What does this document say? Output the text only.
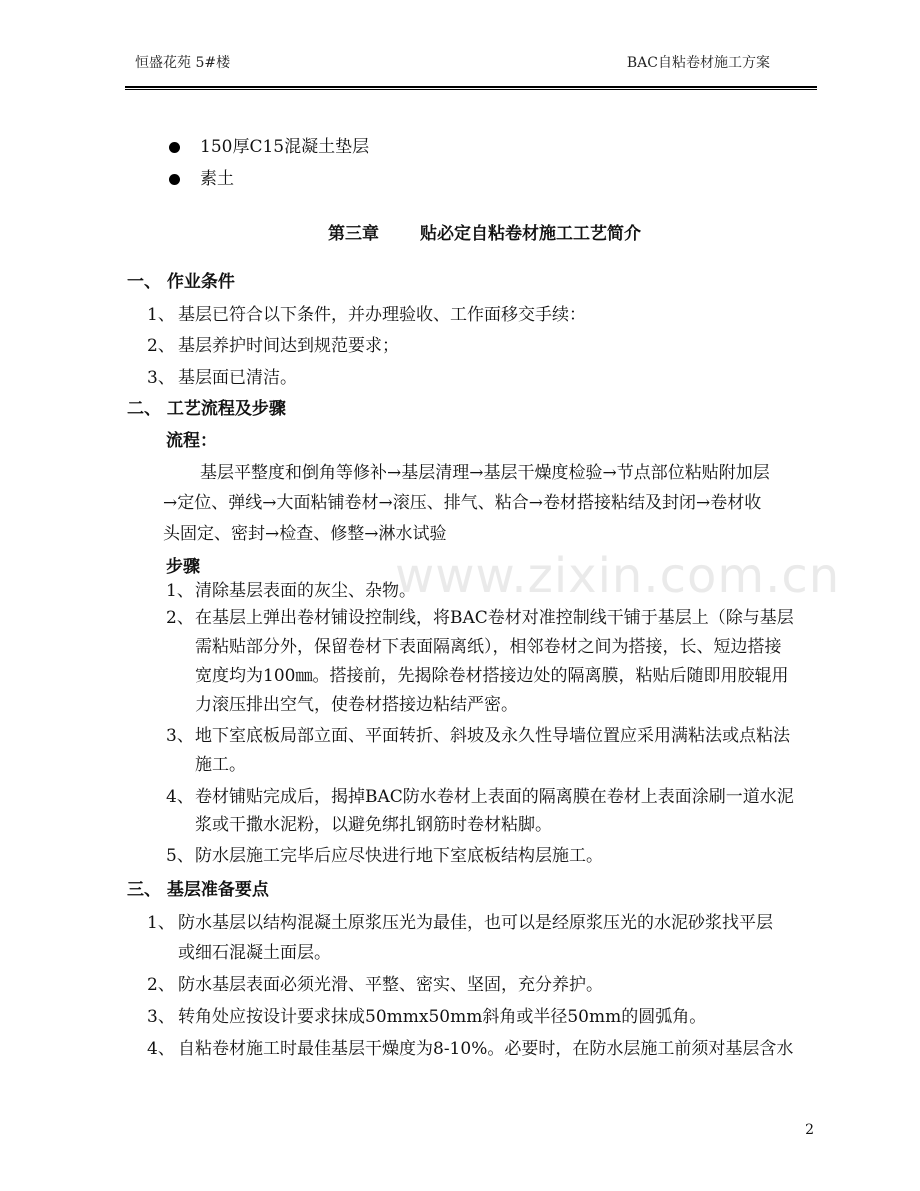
恒盛花苑 5#楼	BAC自粘卷材施工方案
150厚C15混凝土垫层
素土
第三章 贴必定自粘卷材施工工艺简介
一、 作业条件
1、 基层已符合以下条件，并办理验收、工作面移交手续：
2、 基层养护时间达到规范要求；
3、 基层面已清洁。
二、 工艺流程及步骤
流程：
基层平整度和倒角等修补→基层清理→基层干燥度检验→节点部位粘贴附加层
→定位、弹线→大面粘铺卷材→滚压、排气、粘合→卷材搭接粘结及封闭→卷材收
头固定、密封→检查、修整→淋水试验
步骤
1、 清除基层表面的灰尘、杂物。
2、 在基层上弹出卷材铺设控制线，将BAC卷材对准控制线干铺于基层上（除与基层
需粘贴部分外，保留卷材下表面隔离纸），相邻卷材之间为搭接，长、短边搭接
宽度均为100㎜。搭接前，先揭除卷材搭接边处的隔离膜，粘贴后随即用胶辊用
力滚压排出空气，使卷材搭接边粘结严密。
3、 地下室底板局部立面、平面转折、斜坡及永久性导墙位置应采用满粘法或点粘法
施工。
4、 卷材铺贴完成后，揭掉BAC防水卷材上表面的隔离膜在卷材上表面涂刷一道水泥
浆或干撒水泥粉，以避免绑扎钢筋时卷材粘脚。
5、 防水层施工完毕后应尽快进行地下室底板结构层施工。
三、 基层准备要点
1、 防水基层以结构混凝土原浆压光为最佳，也可以是经原浆压光的水泥砂浆找平层
或细石混凝土面层。
2、 防水基层表面必须光滑、平整、密实、坚固，充分养护。
3、 转角处应按设计要求抹成50mmx50mm斜角或半径50mm的圆弧角。
4、 自粘卷材施工时最佳基层干燥度为8-10%。必要时，在防水层施工前须对基层含水
www.zixin.com.cn
2
